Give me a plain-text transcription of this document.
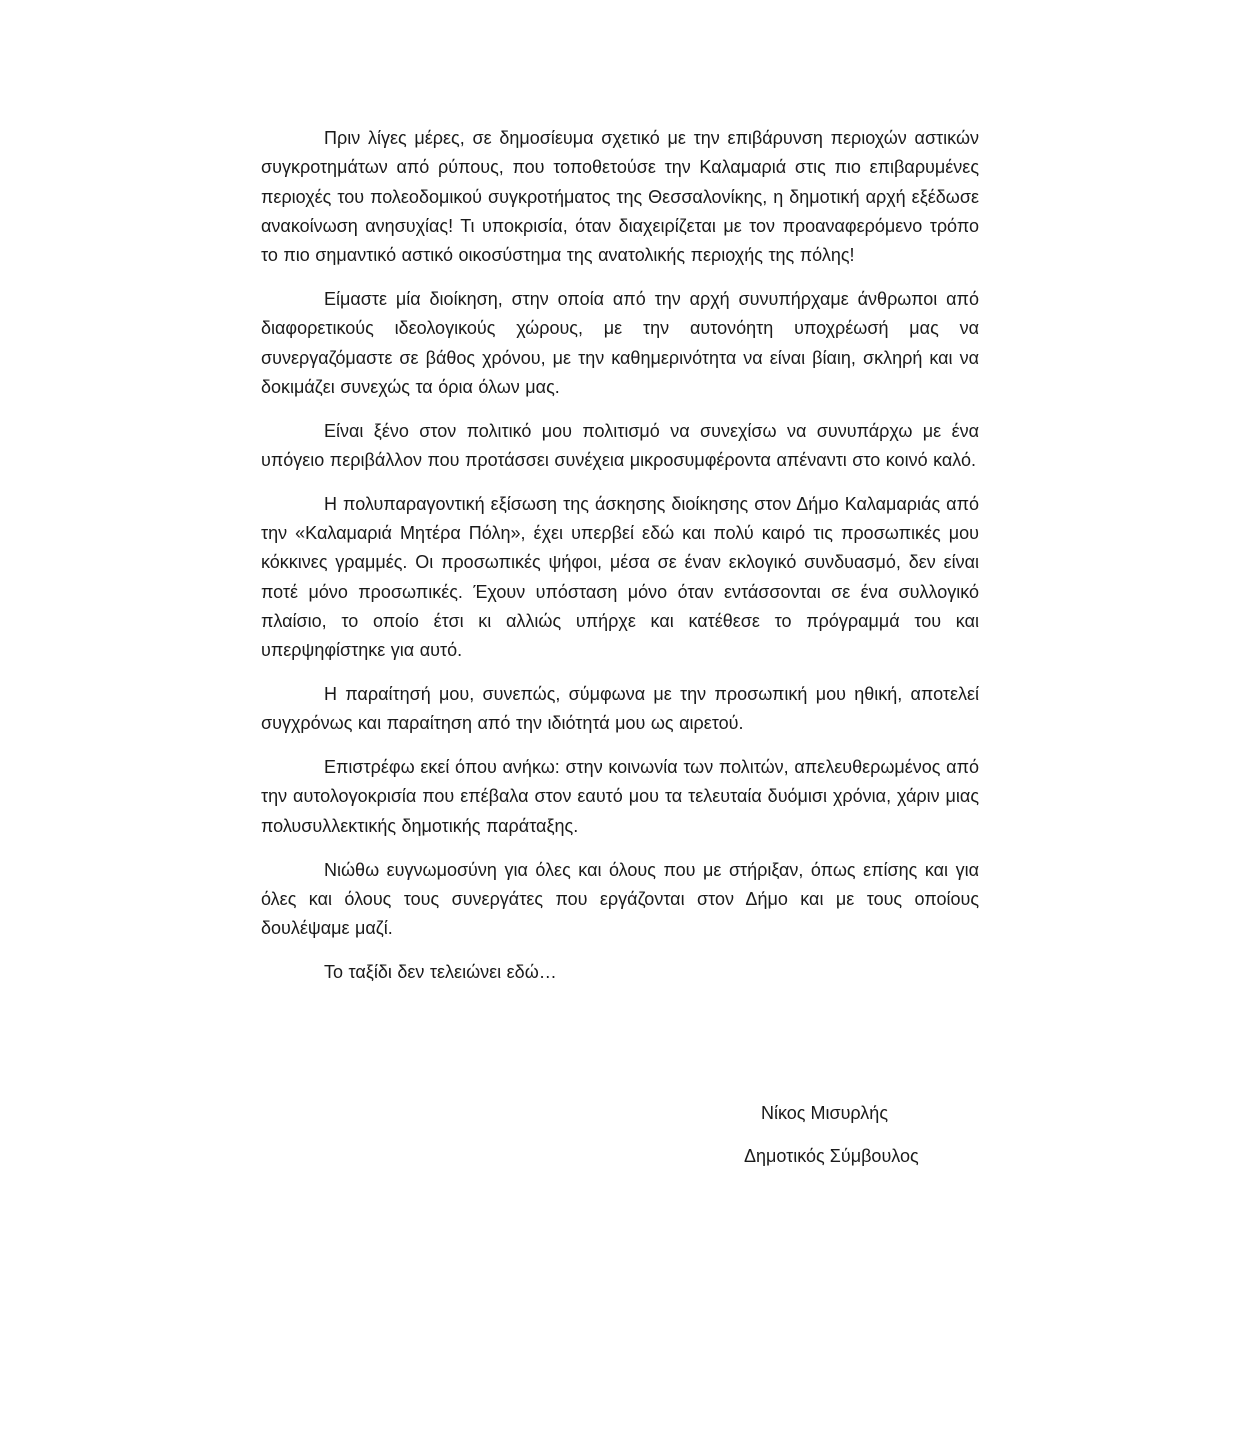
Πριν λίγες μέρες, σε δημοσίευμα σχετικό με την επιβάρυνση περιοχών αστικών συγκροτημάτων από ρύπους, που τοποθετούσε την Καλαμαριά στις πιο επιβαρυμένες περιοχές του πολεοδομικού συγκροτήματος της Θεσσαλονίκης, η δημοτική αρχή εξέδωσε ανακοίνωση ανησυχίας! Τι υποκρισία, όταν διαχειρίζεται με τον προαναφερόμενο τρόπο το πιο σημαντικό αστικό οικοσύστημα της ανατολικής περιοχής της πόλης!

Είμαστε μία διοίκηση, στην οποία από την αρχή συνυπήρχαμε άνθρωποι από διαφορετικούς ιδεολογικούς χώρους, με την αυτονόητη υποχρέωσή μας να συνεργαζόμαστε σε βάθος χρόνου, με την καθημερινότητα να είναι βίαιη, σκληρή και να δοκιμάζει συνεχώς τα όρια όλων μας.

Είναι ξένο στον πολιτικό μου πολιτισμό να συνεχίσω να συνυπάρχω με ένα υπόγειο περιβάλλον που προτάσσει συνέχεια μικροσυμφέροντα απέναντι στο κοινό καλό.

Η πολυπαραγοντική εξίσωση της άσκησης διοίκησης στον Δήμο Καλαμαριάς από την «Καλαμαριά Μητέρα Πόλη», έχει υπερβεί εδώ και πολύ καιρό τις προσωπικές μου κόκκινες γραμμές. Οι προσωπικές ψήφοι, μέσα σε έναν εκλογικό συνδυασμό, δεν είναι ποτέ μόνο προσωπικές. Έχουν υπόσταση μόνο όταν εντάσσονται σε ένα συλλογικό πλαίσιο, το οποίο έτσι κι αλλιώς υπήρχε και κατέθεσε το πρόγραμμά του και υπερψηφίστηκε για αυτό.

Η παραίτησή μου, συνεπώς, σύμφωνα με την προσωπική μου ηθική, αποτελεί συγχρόνως και παραίτηση από την ιδιότητά μου ως αιρετού.

Επιστρέφω εκεί όπου ανήκω: στην κοινωνία των πολιτών, απελευθερωμένος από την αυτολογοκρισία που επέβαλα στον εαυτό μου τα τελευταία δυόμισι χρόνια, χάριν μιας πολυσυλλεκτικής δημοτικής παράταξης.

Νιώθω ευγνωμοσύνη για όλες και όλους που με στήριξαν, όπως επίσης και για όλες και όλους τους συνεργάτες που εργάζονται στον Δήμο και με τους οποίους δουλέψαμε μαζί.

Το ταξίδι δεν τελειώνει εδώ…

Νίκος Μισυρλής
Δημοτικός Σύμβουλος
